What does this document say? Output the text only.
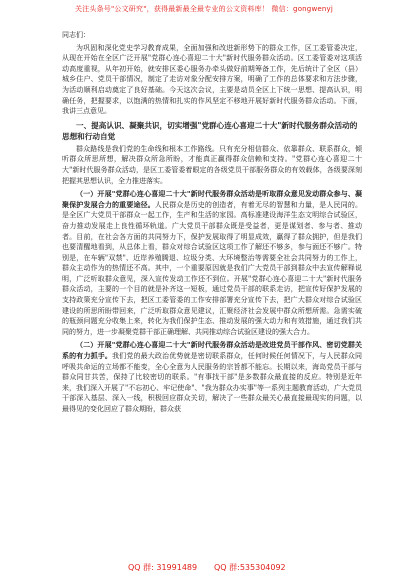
关注头条号"公文研究"，获得最新最全最专业的公文资料库！ 微信：gongwenyj
同志们：

为巩固和深化党史学习教育成果，全面加强和改进新形势下的群众工作，区工委管委决定，从现在开始在全区广泛开展"党群心连心喜迎二十大"新时代服务群众活动。区工委管委对这项活动高度重视，从年初开始，就安排区委心服务办牵头做好前期筹备工作，先后统计了全区（县）城乡住户、党员干部情况，制定了走访对象分配安排方案，明确了工作的总体要求和方法步骤，为活动顺利启动奠定了良好基础。今天这次会议，主要是动员全区上下统一思想、提高认识，明确任务，把握要求，以饱满的热情和扎实的作风坚定不移地开展好新时代服务群众活动。下面，我讲三点意见。

一、提高认识、凝聚共识，切实增强"党群心连心喜迎二十大"新时代服务群众活动的思想和行动自觉

群众路线是我们党的生命线和根本工作路线。只有充分相信群众、依靠群众、联系群众，倾听群众所思所想，解决群众所急所盼，才能真正赢得群众信赖和支持。"党群心连心喜迎二十大"新时代服务群众活动，是区工委管委着眼定的各级党员干部服务群众的有效载体，各级要深刻把握其思想认识，全力推进落实。

（一）开展"党群心连心喜迎二十大"新时代服务群众活动是听取群众意见发动群众参与、凝聚保护发展合力的重要途径。人民群众是历史的创造者，有着无尽的智慧和力量，是人民同的。是全区广大党员干部群众一起工作，生产和生活的家园。高标准建设海洋生态文明综合试验区，奋力推动发展走上良性循环轨道。广大党员干部群众既是受益者，更是谋划者、参与者、推动者。目前，在社会各方面的共同努力下，保护发展取得了明显成效，赢得了群众拥护，但是我们也要清醒地看到，从总体上看，群众对综合试验区这项工作了解还不够多，参与面还不够广。特别是，在车辆"双禁"、近岸养殖腾退、垃圾分类、大环境整治等需要全社会共同努力的工作上，群众主动作为的热情还不高。其中，一个重要原因就是我们广大党员干部到群众中去宣传解释说明，广泛听取群众意见，深入宣传发动工作还不到位。开展"党群心连心喜迎二十大"新时代服务群众活动，主要的一个目的就是补齐这一短板，通过党员干部的联系走访，把宣传好保护发展的支持政策充分宣传下去，把区工委管委的工作安排部署充分宣传下去，把广大群众对综合试验区建设的所思所盼带回来，广泛听取群众意见建议，汇聚经济社会发展中群众所想所需。急需实破的瓶颈问题充分收集上来，转化为我们保护生态、推动发展的强大动力和有效措施，通过我们共同的努力，进一步凝聚党群干部正确理解、共同推动综合试验区建设的强大合力。

（二）开展"党群心连心喜迎二十大"新时代服务群众活动是改进党员干部作风、密切党群关系的有力抓手。我们党的最大政治优势就是密切联系群众，任何时候任何情况下，与人民群众同呼吸共命运的立场都不能变，全心全意为人民服务的宗旨都不能忘。长期以来，海岛党员干部与群众同甘共苦，保持了比较密切的联系。"有事找干部"是多数群众最直接的反应。特别是近年来，我们深入开展了"不忘初心、牢记使命"、"我为群众办实事"等一系列主题教育活动，广大党员干部深入基层、深入一线，积极回应群众关切，解决了一些群众最关心最直接最现实的问题，以最得见的变化回应了群众期盼，群众获

QQ 群: 31991489 QQ 群:535304092
